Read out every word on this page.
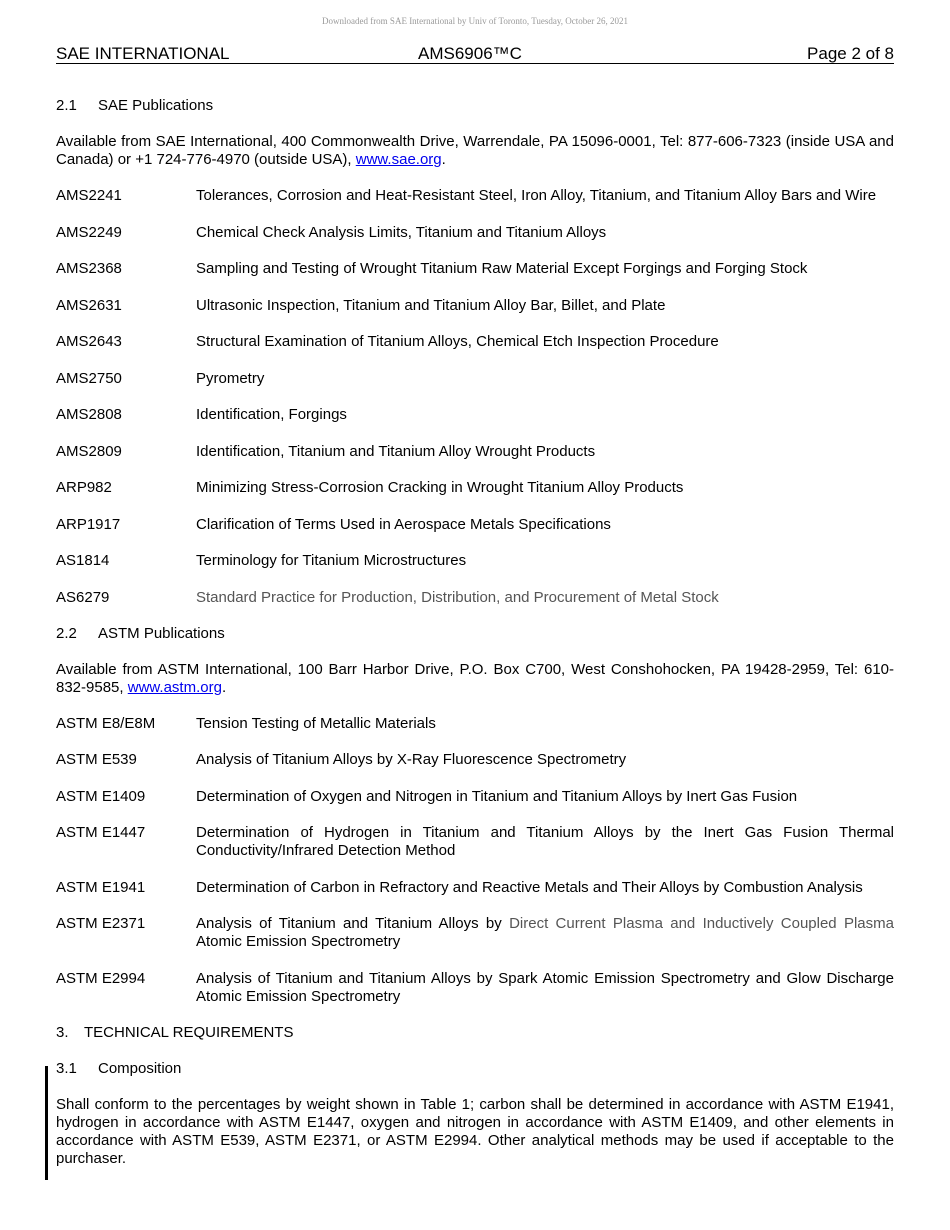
Downloaded from SAE International by Univ of Toronto, Tuesday, October 26, 2021
SAE INTERNATIONAL	AMS6906™C	Page 2 of 8
2.1 SAE Publications
Available from SAE International, 400 Commonwealth Drive, Warrendale, PA 15096-0001, Tel: 877-606-7323 (inside USA and Canada) or +1 724-776-4970 (outside USA), www.sae.org.
AMS2241	Tolerances, Corrosion and Heat-Resistant Steel, Iron Alloy, Titanium, and Titanium Alloy Bars and Wire
AMS2249	Chemical Check Analysis Limits, Titanium and Titanium Alloys
AMS2368	Sampling and Testing of Wrought Titanium Raw Material Except Forgings and Forging Stock
AMS2631	Ultrasonic Inspection, Titanium and Titanium Alloy Bar, Billet, and Plate
AMS2643	Structural Examination of Titanium Alloys, Chemical Etch Inspection Procedure
AMS2750	Pyrometry
AMS2808	Identification, Forgings
AMS2809	Identification, Titanium and Titanium Alloy Wrought Products
ARP982	Minimizing Stress-Corrosion Cracking in Wrought Titanium Alloy Products
ARP1917	Clarification of Terms Used in Aerospace Metals Specifications
AS1814	Terminology for Titanium Microstructures
AS6279	Standard Practice for Production, Distribution, and Procurement of Metal Stock
2.2 ASTM Publications
Available from ASTM International, 100 Barr Harbor Drive, P.O. Box C700, West Conshohocken, PA 19428-2959, Tel: 610-832-9585, www.astm.org.
ASTM E8/E8M	Tension Testing of Metallic Materials
ASTM E539	Analysis of Titanium Alloys by X-Ray Fluorescence Spectrometry
ASTM E1409	Determination of Oxygen and Nitrogen in Titanium and Titanium Alloys by Inert Gas Fusion
ASTM E1447	Determination of Hydrogen in Titanium and Titanium Alloys by the Inert Gas Fusion Thermal Conductivity/Infrared Detection Method
ASTM E1941	Determination of Carbon in Refractory and Reactive Metals and Their Alloys by Combustion Analysis
ASTM E2371	Analysis of Titanium and Titanium Alloys by Direct Current Plasma and Inductively Coupled Plasma Atomic Emission Spectrometry
ASTM E2994	Analysis of Titanium and Titanium Alloys by Spark Atomic Emission Spectrometry and Glow Discharge Atomic Emission Spectrometry
3. TECHNICAL REQUIREMENTS
3.1 Composition
Shall conform to the percentages by weight shown in Table 1; carbon shall be determined in accordance with ASTM E1941, hydrogen in accordance with ASTM E1447, oxygen and nitrogen in accordance with ASTM E1409, and other elements in accordance with ASTM E539, ASTM E2371, or ASTM E2994. Other analytical methods may be used if acceptable to the purchaser.
